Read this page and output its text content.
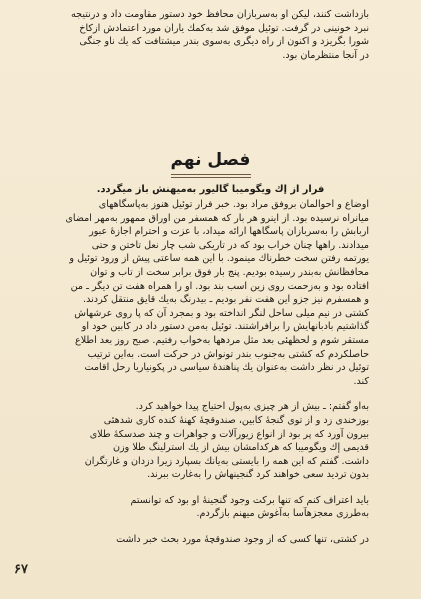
بازداشت کنند، لیکن او بەسربازان محافظ خود دستور مقاومت داد و درنتیجه
نبرد خونینی در گرفت. توئیل موفق شد بەکمك یاران مورد اعتمادش ازکاخ
شورا بگریزد و اکنون از راه دیگری بەسوی بندر میشتافت که یك ناو جنگی
در آنجا منتظرمان بود.
فصل نهم
فرار از إك ويگومیبا گاليور بەميهنش باز میگردد.
اوضاع و احوالمان بروفق مراد بود. خبر فرار توئیل هنوز بەپاسگاههای
میانراه نرسیده بود. از اینرو هر بار که همسفر من اوراق ممهور بەمهر امضای
اربابش را بەسربازان پاسگاهها ارائه میداد، با عزت و احترام اجازۀ عبور
میدادند. راهها چنان خراب بود که در تاریکی شب چار نعل تاختن و حتی
یورتمه رفتن سخت خطرناك مینمود. با این همه ساعتی پیش از ورود توئیل و
محافظانش بەبندر رسیده بودیم. پنج بار فوق برابر سخت از تاب و توان
افتاده بود و بەزحمت روی زین اسب بند بود. او را همراه هفت تن دیگر ـ من
و همسفرم نیز جزو این هفت نفر بودیم ـ بیدرنگ بەیك قایق منتقل کردند.
کشتی در نیم میلی ساحل لنگر انداخته بود و بمجرد آن که پا روی عرشهاش
گذاشتیم بادبانهایش را برافراشتند. توئیل بەمن دستور داد در کابین خود او
مستقر شوم و لحظهئی بعد مثل مردهها بەخواب رفتیم. صبح روز بعد اطلاع
حاصلکردم که کشتی بەجنوب بندر تونواش در حرکت است. بەاین ترتیب
توئیل در نظر داشت بەعنوان یك پناهندۀ سیاسی در پکونیاریا رحل اقامت
کند.
بەاو گفتم: ـ بیش از هر چیزی بەپول احتیاج پیدا خواهید کرد.
بوزخندی زد و از توی گنجۀ کابین، صندوقچۀ کهنۀ کنده کاری شدهئی
بیرون آورد که پر بود از انواع زیورآلات و جواهرات و چند صدسکۀ طلای
قدیمی إك ويگوميبا که هرکدامشان بیش از یك استرلینگ طلا وزن
داشت. گفتم که این همه را بایستی بەیانك بسپارد زیرا دزدان و غارتگران
بدون تردید سعی خواهند کرد گنجینهاش را بەغارت ببرند.
باید اعتراف کنم که تنها برکت وجود گنجینۀ او بود که توانستم
بەطرزی معجزهآسا بەآغوش میهنم بازگردم.
در کشتی، تنها کسی که از وجود صندوقچۀ مورد بحث خبر داشت
۶۷
